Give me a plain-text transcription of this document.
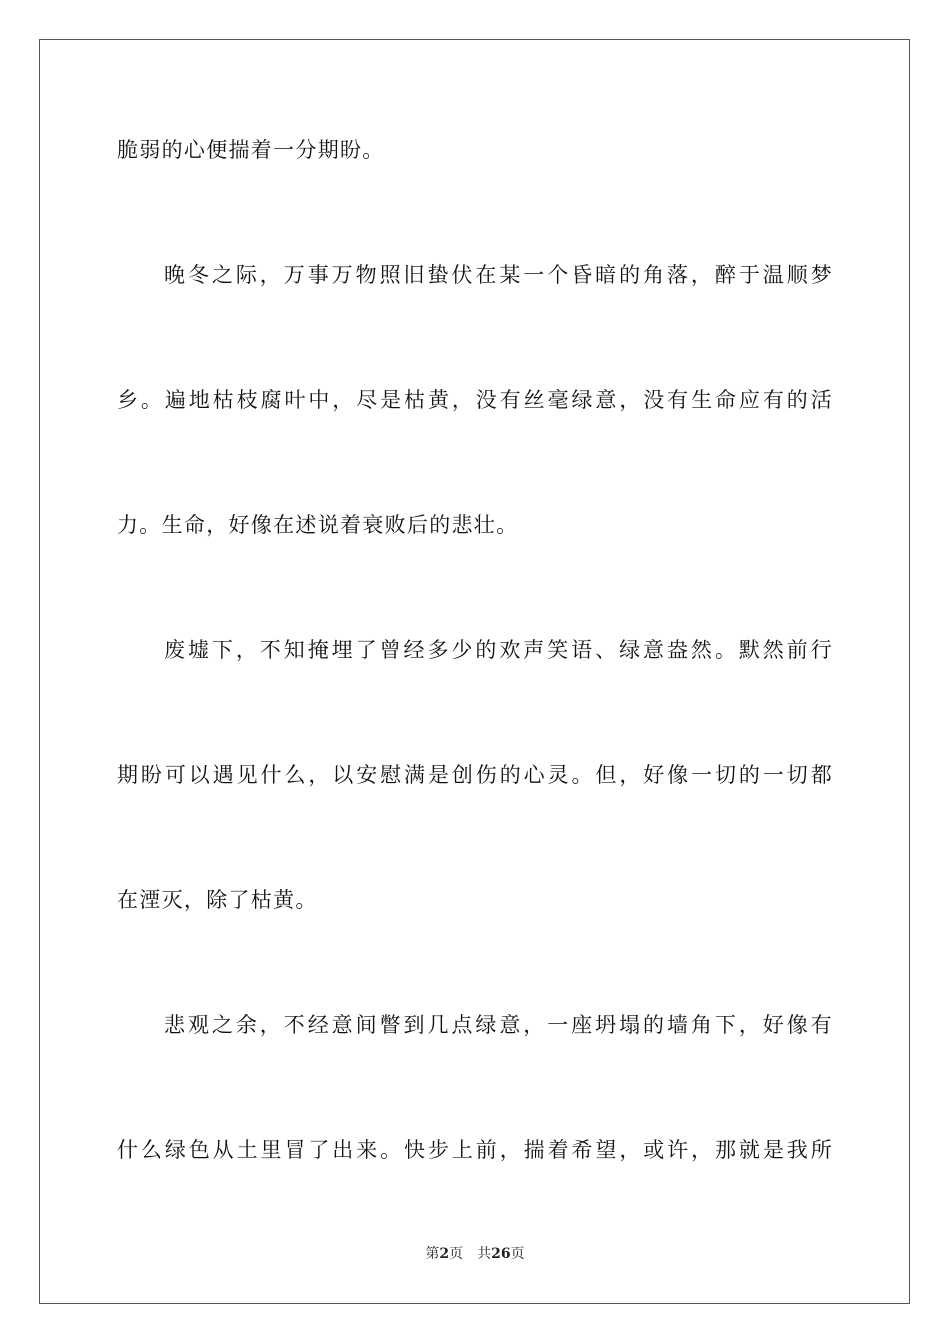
脆弱的心便揣着一分期盼。
晚冬之际，万事万物照旧蛰伏在某一个昏暗的角落，醉于温顺梦
乡。遍地枯枝腐叶中，尽是枯黄，没有丝毫绿意，没有生命应有的活
力。生命，好像在述说着衰败后的悲壮。
废墟下，不知掩埋了曾经多少的欢声笑语、绿意盎然。默然前行
期盼可以遇见什么，以安慰满是创伤的心灵。但，好像一切的一切都
在湮灭，除了枯黄。
悲观之余，不经意间瞥到几点绿意，一座坍塌的墙角下，好像有
什么绿色从土里冒了出来。快步上前，揣着希望，或许，那就是我所
第2页 共26页
